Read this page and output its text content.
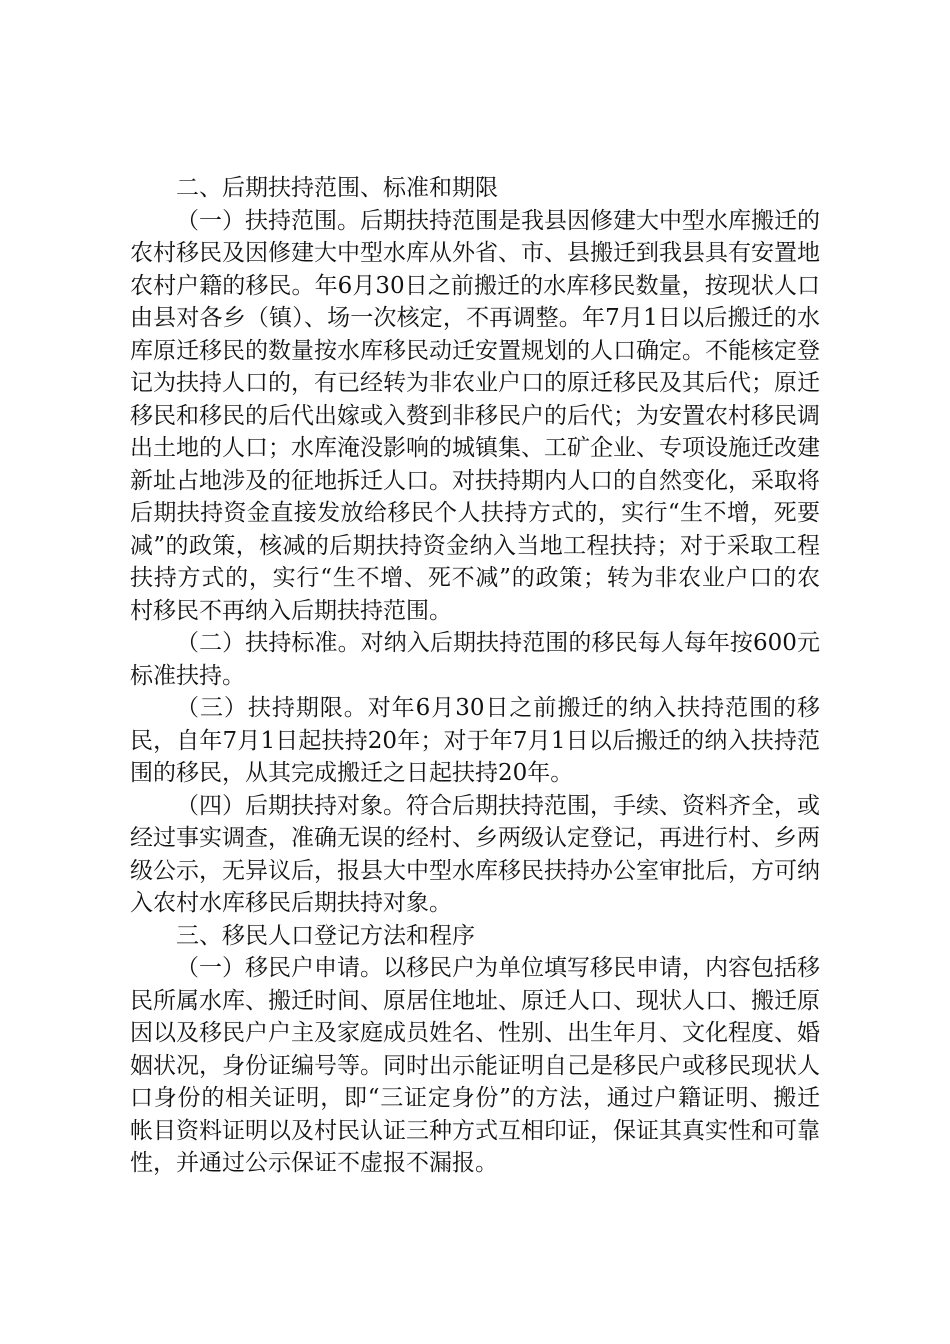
二、后期扶持范围、标准和期限

（一）扶持范围。后期扶持范围是我县因修建大中型水库搬迁的农村移民及因修建大中型水库从外省、市、县搬迁到我县具有安置地农村户籍的移民。年6月30日之前搬迁的水库移民数量，按现状人口由县对各乡（镇）、场一次核定，不再调整。年7月1日以后搬迁的水库原迁移民的数量按水库移民动迁安置规划的人口确定。不能核定登记为扶持人口的，有已经转为非农业户口的原迁移民及其后代；原迁移民和移民的后代出嫁或入赘到非移民户的后代；为安置农村移民调出土地的人口；水库淹没影响的城镇集、工矿企业、专项设施迁改建新址占地涉及的征地拆迁人口。对扶持期内人口的自然变化，采取将后期扶持资金直接发放给移民个人扶持方式的，实行“生不增，死要减”的政策，核减的后期扶持资金纳入当地工程扶持；对于采取工程扶持方式的，实行“生不增、死不减”的政策；转为非农业户口的农村移民不再纳入后期扶持范围。

（二）扶持标准。对纳入后期扶持范围的移民每人每年按600元标准扶持。

（三）扶持期限。对年6月30日之前搬迁的纳入扶持范围的移民，自年7月1日起扶持20年；对于年7月1日以后搬迁的纳入扶持范围的移民，从其完成搬迁之日起扶持20年。

（四）后期扶持对象。符合后期扶持范围，手续、资料齐全，或经过事实调查，准确无误的经村、乡两级认定登记，再进行村、乡两级公示，无异议后，报县大中型水库移民扶持办公室审批后，方可纳入农村水库移民后期扶持对象。

三、移民人口登记方法和程序

（一）移民户申请。以移民户为单位填写移民申请，内容包括移民所属水库、搬迁时间、原居住地址、原迁人口、现状人口、搬迁原因以及移民户户主及家庭成员姓名、性别、出生年月、文化程度、婚姻状况，身份证编号等。同时出示能证明自己是移民户或移民现状人口身份的相关证明，即“三证定身份”的方法，通过户籍证明、搬迁帐目资料证明以及村民认证三种方式互相印证，保证其真实性和可靠性，并通过公示保证不虚报不漏报。
